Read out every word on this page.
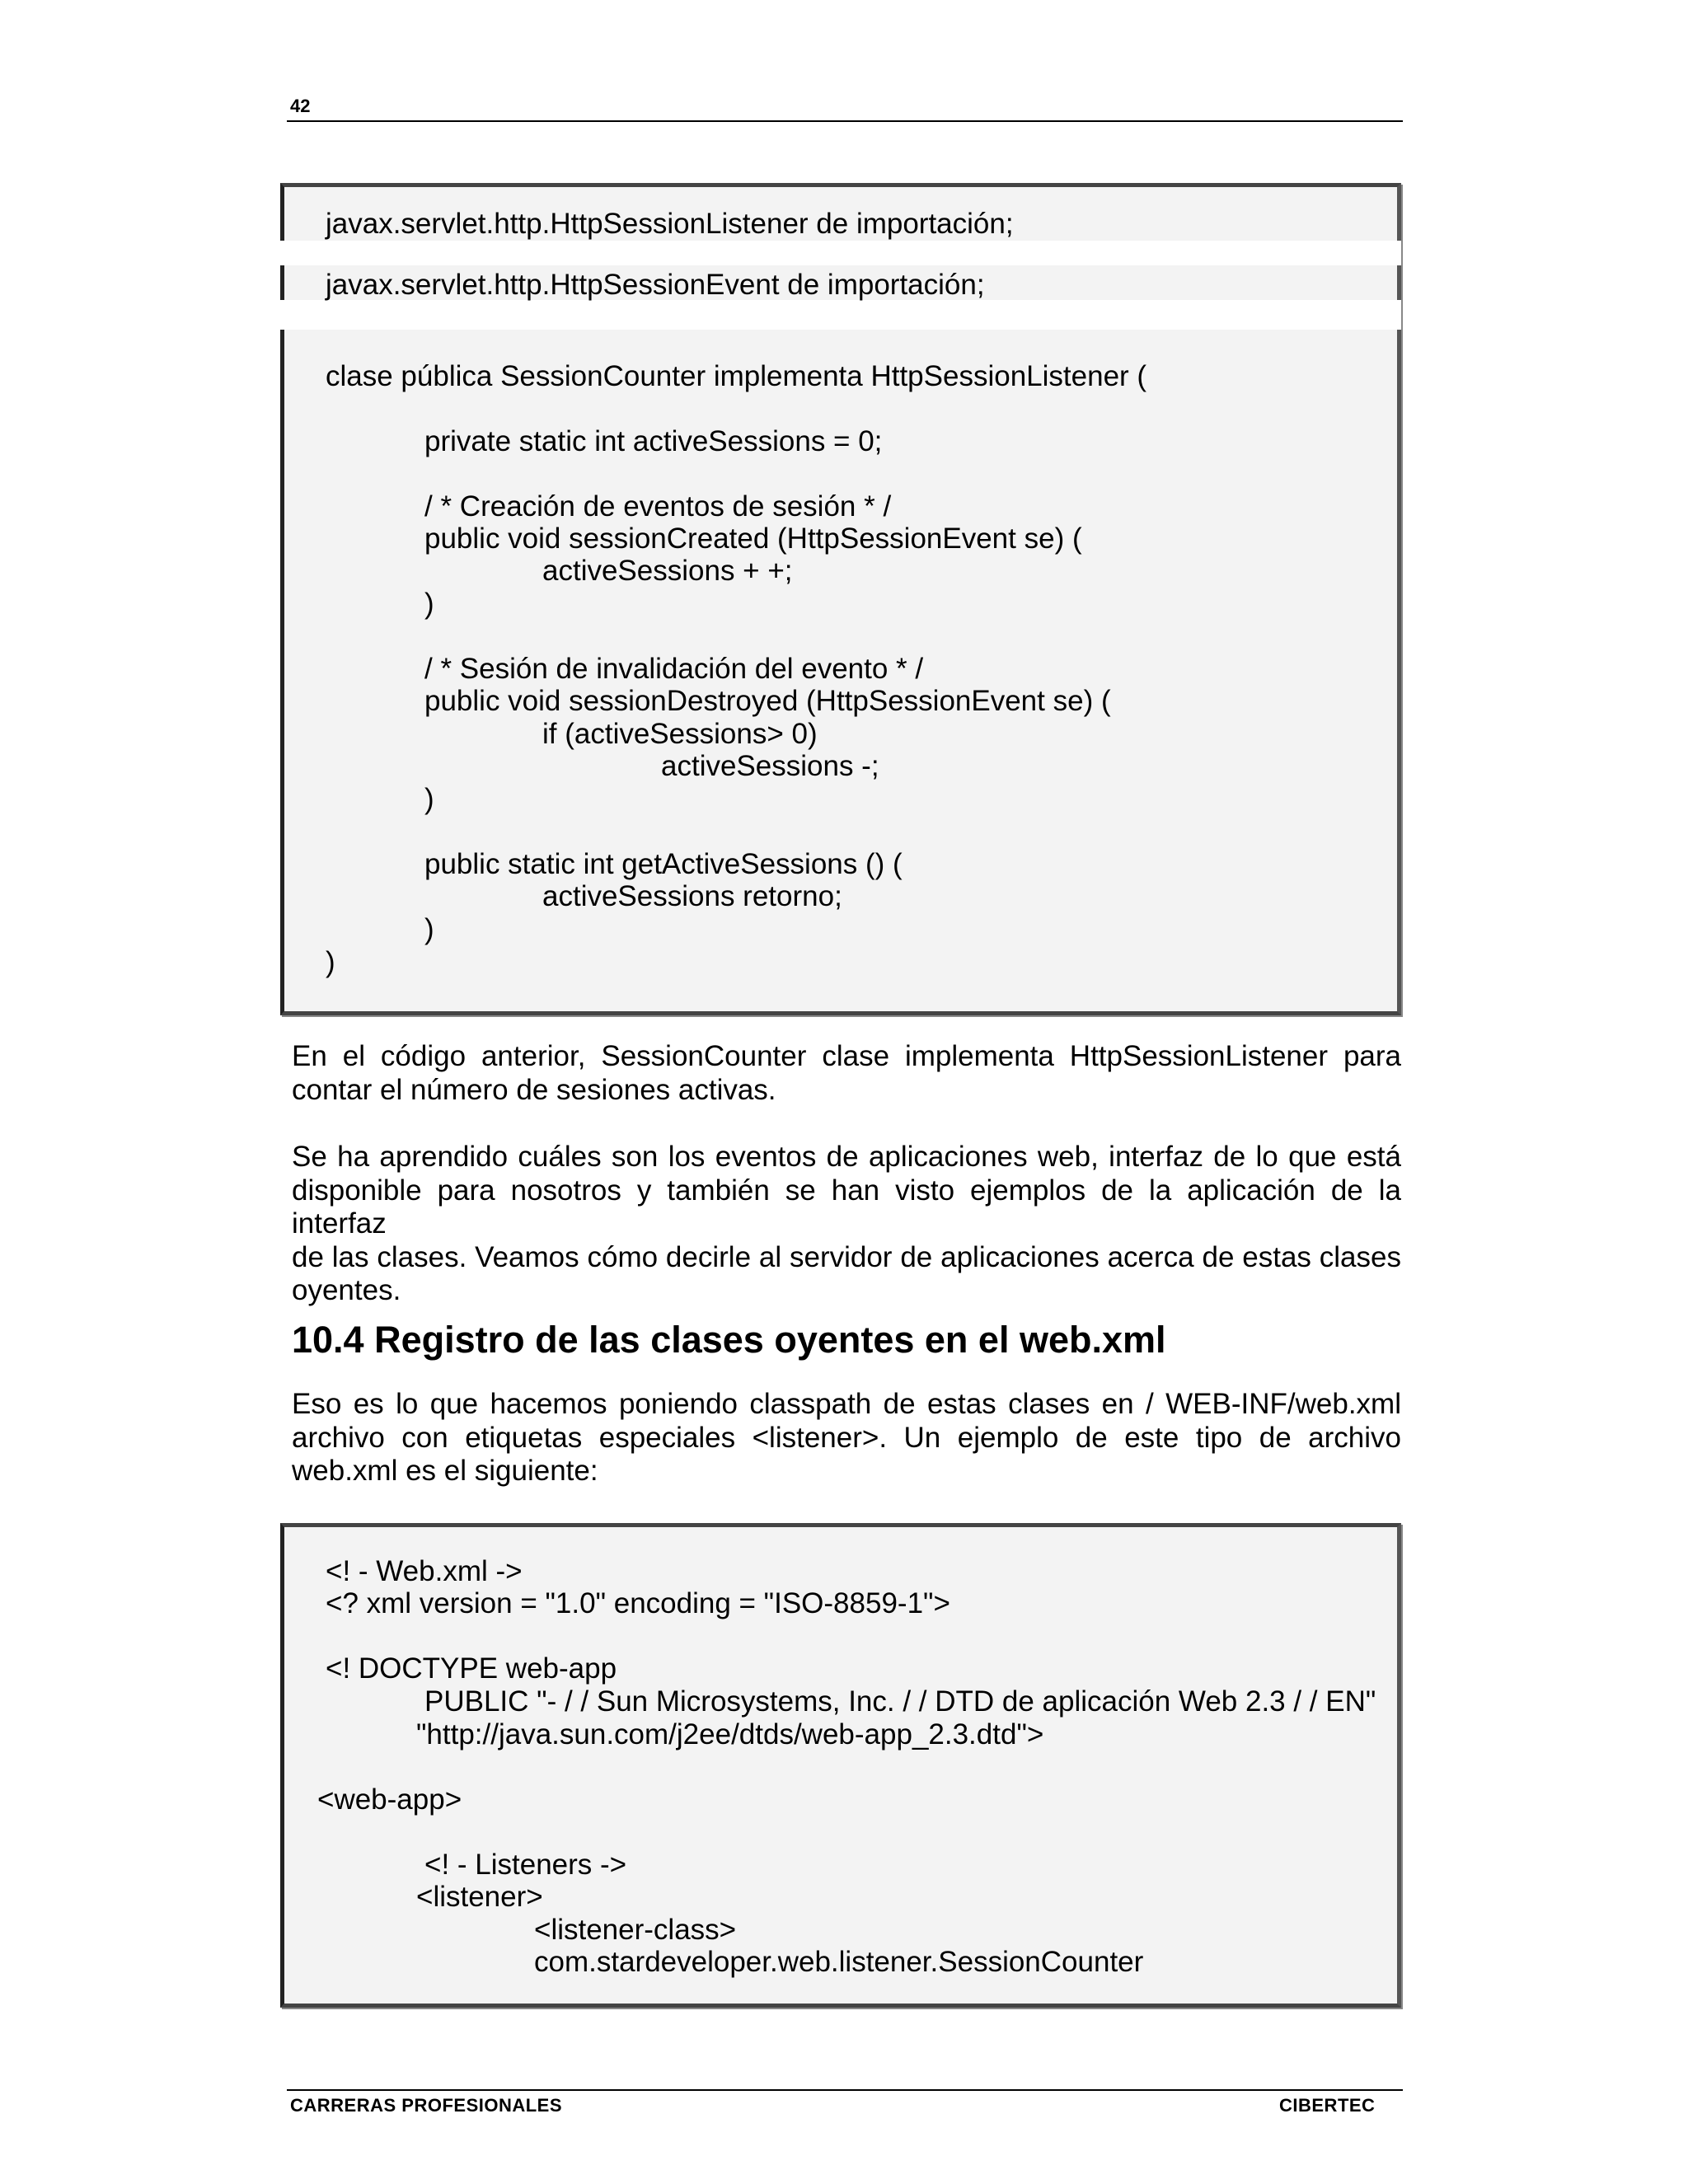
42
javax.servlet.http.HttpSessionListener de importación;
javax.servlet.http.HttpSessionEvent de importación;
clase pública SessionCounter implementa HttpSessionListener (
private static int activeSessions = 0;
/ * Creación de eventos de sesión * /
public void sessionCreated (HttpSessionEvent se) (
activeSessions + +;
)
/ * Sesión de invalidación del evento * /
public void sessionDestroyed (HttpSessionEvent se) (
if (activeSessions> 0)
activeSessions -;
)
public static int getActiveSessions () (
activeSessions retorno;
)
)
En el código anterior, SessionCounter clase implementa HttpSessionListener para
contar el número de sesiones activas.
Se ha aprendido cuáles son los eventos de aplicaciones web, interfaz de lo que está
disponible para nosotros y también se han visto ejemplos de la aplicación de la interfaz
de las clases. Veamos cómo decirle al servidor de aplicaciones acerca de estas clases
oyentes.
10.4 Registro de las clases oyentes en el web.xml
Eso es lo que hacemos poniendo classpath de estas clases en / WEB-INF/web.xml
archivo con etiquetas especiales <listener>. Un ejemplo de este tipo de archivo
web.xml es el siguiente:
<! - Web.xml ->
<? xml version = "1.0" encoding = "ISO-8859-1">
<! DOCTYPE web-app
PUBLIC "- / / Sun Microsystems, Inc. / / DTD de aplicación Web 2.3 / / EN"
"http://java.sun.com/j2ee/dtds/web-app_2.3.dtd">
<web-app>
<! - Listeners ->
<listener>
<listener-class>
com.stardeveloper.web.listener.SessionCounter
CARRERAS PROFESIONALES	CIBERTEC
